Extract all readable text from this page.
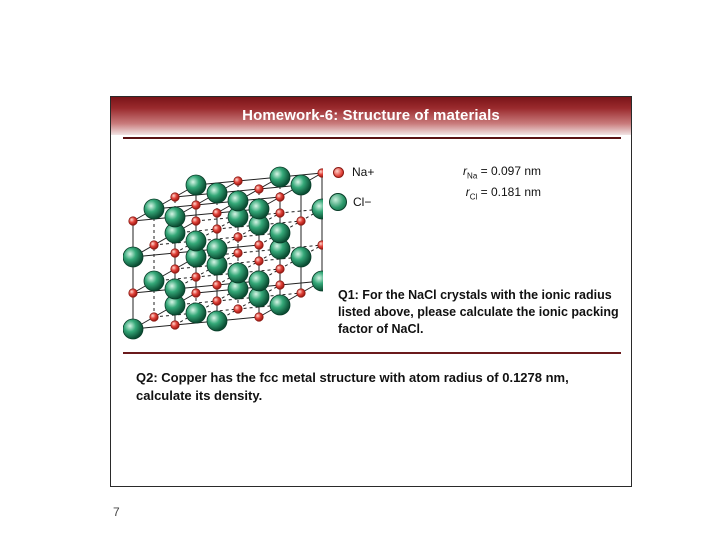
Homework-6: Structure of materials
Na+
Cl−
$r_{Na} = 0.097$ nm
$r_{Cl} = 0.181$ nm
Q1: For the NaCl crystals with the ionic radius listed above, please calculate the ionic packing factor of NaCl.
Q2: Copper has the fcc metal structure with atom radius of 0.1278 nm, calculate its density.
7
